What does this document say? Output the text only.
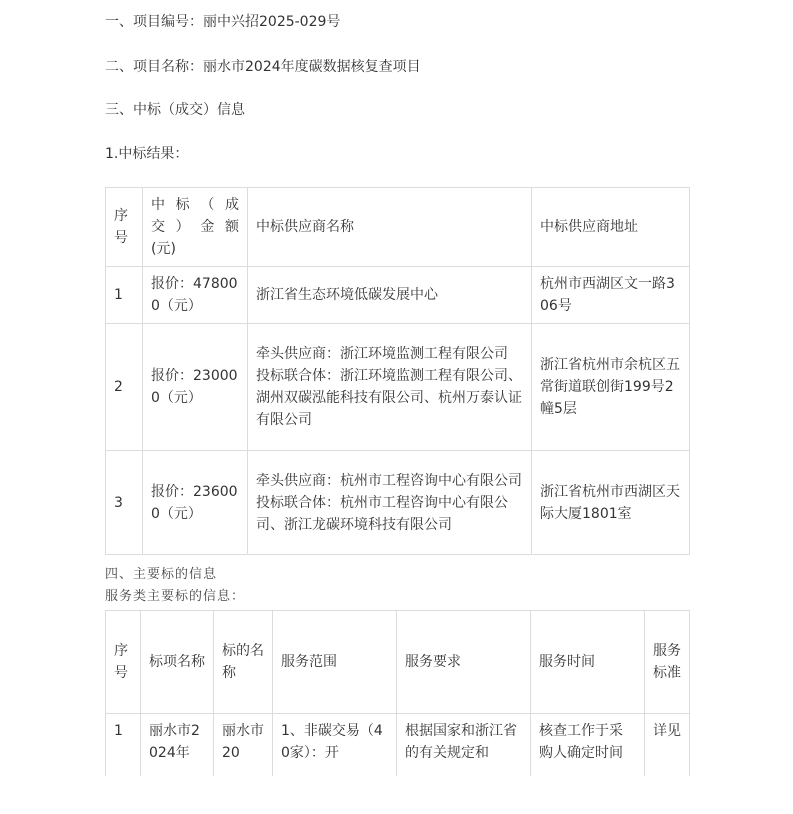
一、项目编号：丽中兴招2025-029号
二、项目名称：丽水市2024年度碳数据核复查项目
三、中标（成交）信息
1.中标结果：
序号	中 标 （ 成
交 ） 金 额
(元)	中标供应商名称	中标供应商地址
1	报价：478000（元）	浙江省生态环境低碳发展中心	杭州市西湖区文一路306号
2	报价：230000（元）	牵头供应商：浙江环境监测工程有限公司
投标联合体：浙江环境监测工程有限公司、湖州双碳泓能科技有限公司、杭州万泰认证有限公司	浙江省杭州市余杭区五常街道联创街199号2幢5层
3	报价：236000（元）	牵头供应商：杭州市工程咨询中心有限公司
投标联合体：杭州市工程咨询中心有限公司、浙江龙碳环境科技有限公司	浙江省杭州市西湖区天际大厦1801室
四、主要标的信息
服务类主要标的信息：
序号	标项名称	标的名称	服务范围	服务要求	服务时间	服务标准
1	丽水市2024年	丽水市20	1、非碳交易（40家）：开	根据国家和浙江省的有关规定和	核查工作于采购人确定时间	详见
